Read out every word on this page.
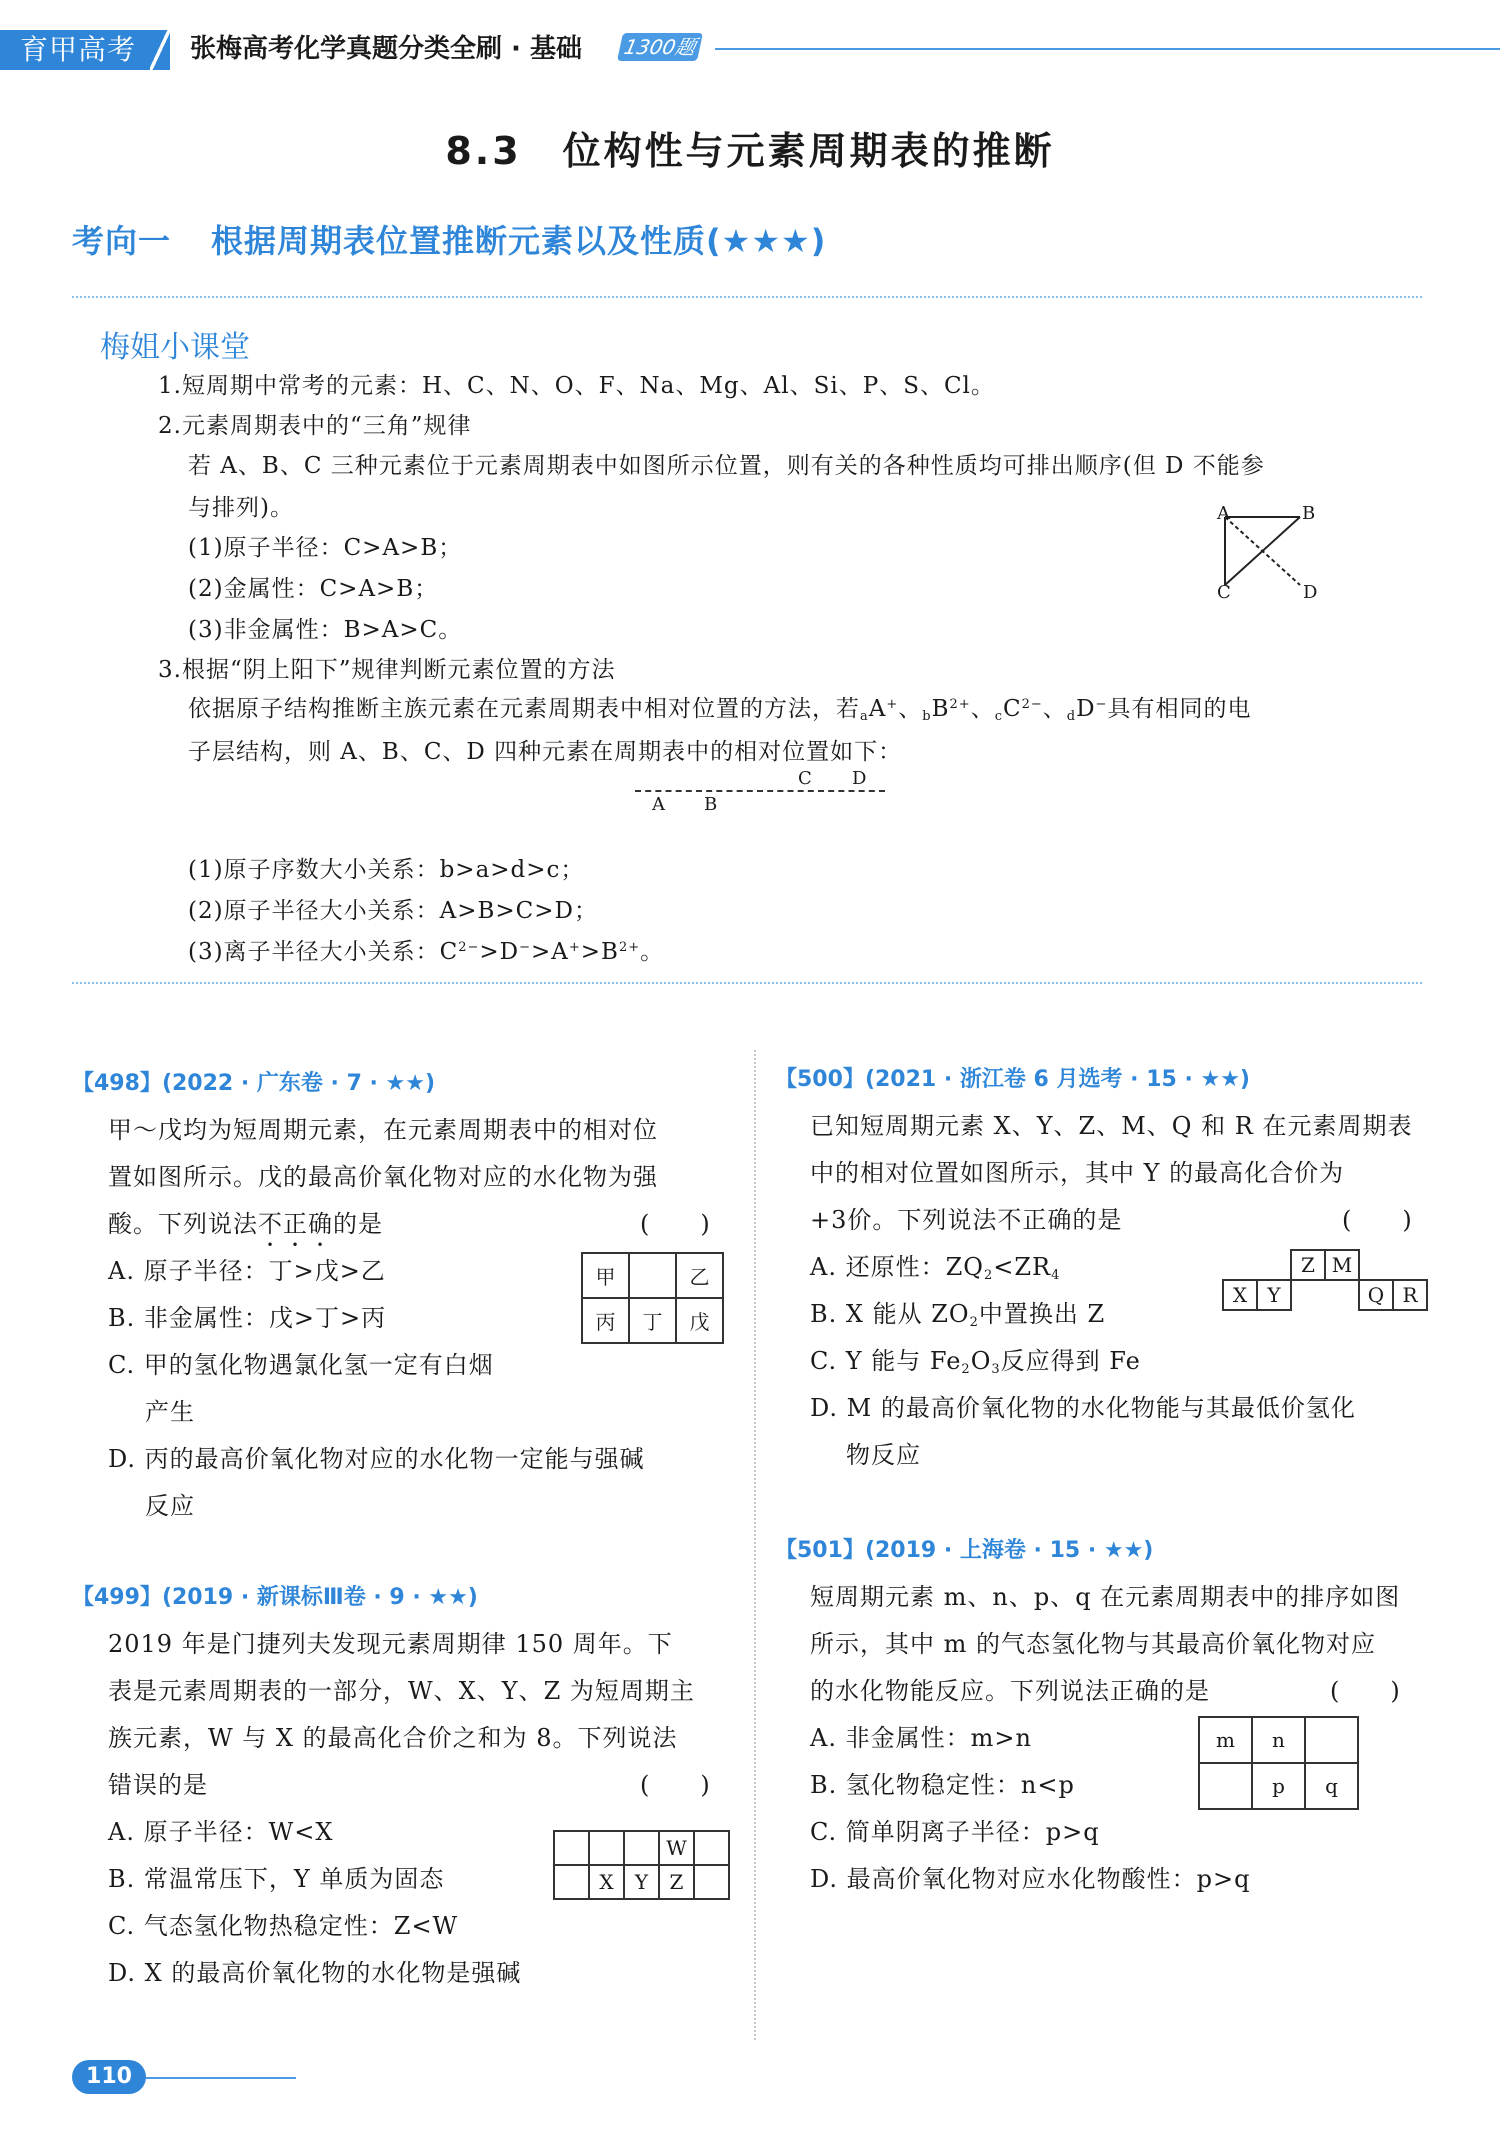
育甲高考	张梅高考化学真题分类全刷 · 基础 1300题
8.3　位构性与元素周期表的推断
考向一 根据周期表位置推断元素以及性质(★★★)
梅姐小课堂
1.短周期中常考的元素：H、C、N、O、F、Na、Mg、Al、Si、P、S、Cl。
2.元素周期表中的“三角”规律
若 A、B、C 三种元素位于元素周期表中如图所示位置，则有关的各种性质均可排出顺序(但 D 不能参
与排列)。
(1)原子半径：C>A>B；
(2)金属性：C>A>B；
(3)非金属性：B>A>C。
A	B
C	D
3.根据“阴上阳下”规律判断元素位置的方法
依据原子结构推断主族元素在元素周期表中相对位置的方法，若$_a$A+、$_bB^{2+}$、$_cC^{2-}$、$_d$D−具有相同的电
子层结构，则 A、B、C、D 四种元素在周期表中的相对位置如下：
C D
A B
(1)原子序数大小关系：b>a>d>c；
(2)原子半径大小关系：A>B>C>D；
(3)离子半径大小关系：$C^{2-}>D^->A^+>B^{2+}$。
【498】(2022 · 广东卷 · 7 · ★★)
甲～戊均为短周期元素，在元素周期表中的相对位
置如图所示。戊的最高价氧化物对应的水化物为强
酸。下列说法不正确的是	(　　)
A. 原子半径：丁>戊>乙
B. 非金属性：戊>丁>丙
C. 甲的氢化物遇氯化氢一定有白烟
产生
D. 丙的最高价氧化物对应的水化物一定能与强碱
反应
甲		乙
丙	丁	戊
【499】(2019 · 新课标Ⅲ卷 · 9 · ★★)
2019 年是门捷列夫发现元素周期律 150 周年。下
表是元素周期表的一部分，W、X、Y、Z 为短周期主
族元素，W 与 X 的最高化合价之和为 8。下列说法
错误的是	(　　)
A. 原子半径：W<X
B. 常温常压下，Y 单质为固态
C. 气态氢化物热稳定性：Z<W
D. X 的最高价氧化物的水化物是强碱
			W	
	X	Y	Z	
【500】(2021 · 浙江卷 6 月选考 · 15 · ★★)
已知短周期元素 X、Y、Z、M、Q 和 R 在元素周期表
中的相对位置如图所示，其中 Y 的最高化合价为
+3价。下列说法不正确的是	(　　)
A. 还原性：$ZQ_2<ZR_4$
B. X 能从 $ZO_2$中置换出 Z
C. Y 能与 $Fe_2O_3$反应得到 Fe
D. M 的最高价氧化物的水化物能与其最低价氢化
物反应
		Z	M		
X	Y			Q	R
【501】(2019 · 上海卷 · 15 · ★★)
短周期元素 m、n、p、q 在元素周期表中的排序如图
所示，其中 m 的气态氢化物与其最高价氧化物对应
的水化物能反应。下列说法正确的是	(　　)
A. 非金属性：m>n
B. 氢化物稳定性：n<p
C. 简单阴离子半径：p>q
D. 最高价氧化物对应水化物酸性：p>q
m	n	
	p	q
110
